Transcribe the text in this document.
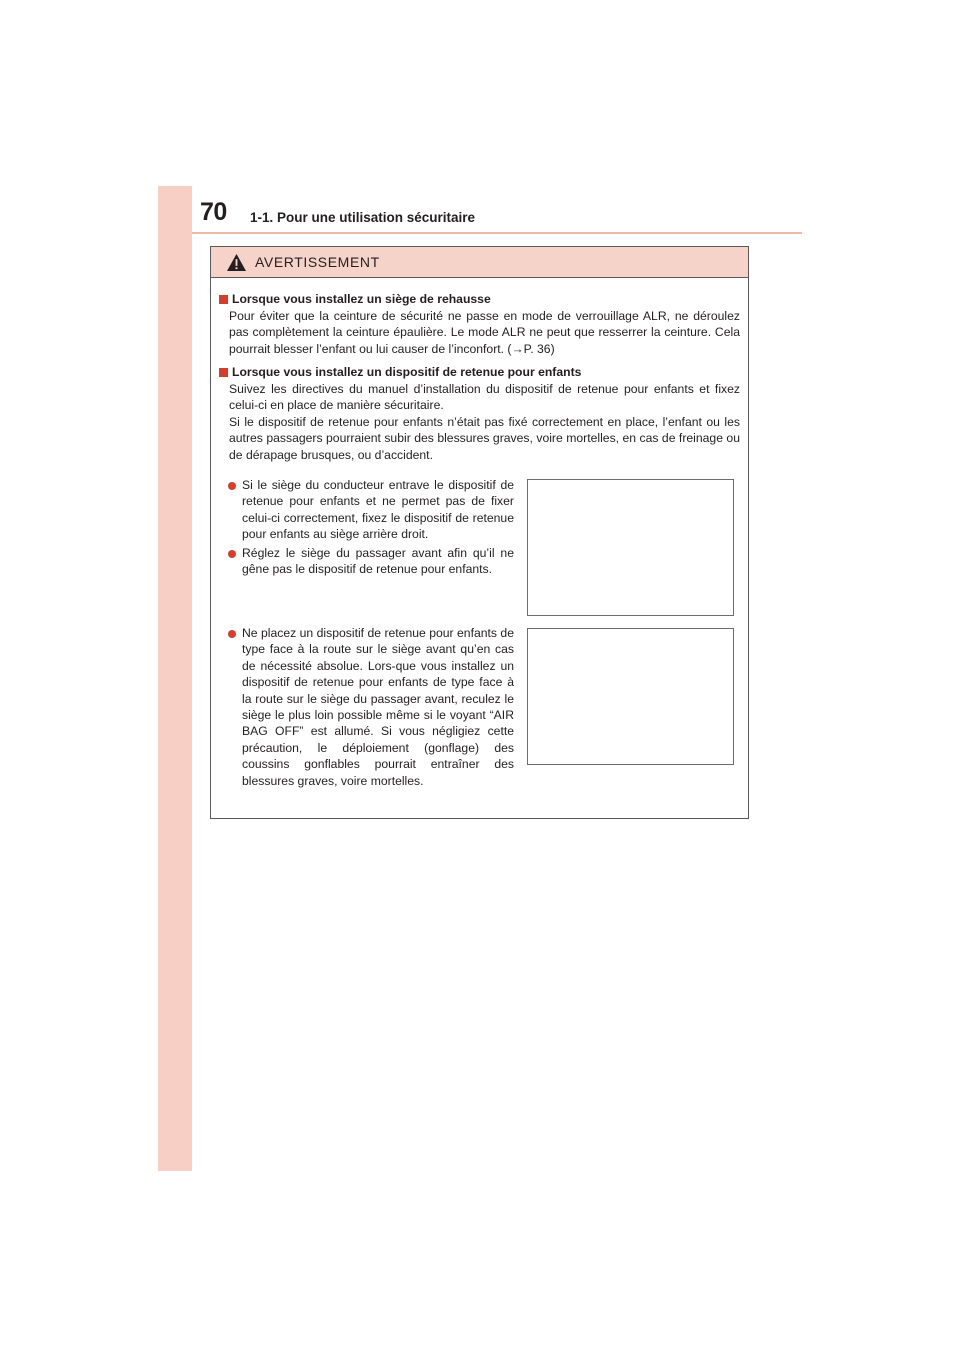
70 1-1. Pour une utilisation sécuritaire
AVERTISSEMENT
Lorsque vous installez un siège de rehausse

Pour éviter que la ceinture de sécurité ne passe en mode de verrouillage ALR, ne déroulez pas complètement la ceinture épaulière. Le mode ALR ne peut que resserrer la ceinture. Cela pourrait blesser l’enfant ou lui causer de l’inconfort. (→P. 36)

Lorsque vous installez un dispositif de retenue pour enfants

Suivez les directives du manuel d’installation du dispositif de retenue pour enfants et fixez celui-ci en place de manière sécuritaire.

Si le dispositif de retenue pour enfants n’était pas fixé correctement en place, l’enfant ou les autres passagers pourraient subir des blessures graves, voire mortelles, en cas de freinage ou de dérapage brusques, ou d’accident.

Si le siège du conducteur entrave le dispositif de retenue pour enfants et ne permet pas de fixer celui-ci correctement, fixez le dispositif de retenue pour enfants au siège arrière droit.
Réglez le siège du passager avant afin qu’il ne gêne pas le dispositif de retenue pour enfants.
Ne placez un dispositif de retenue pour enfants de type face à la route sur le siège avant qu’en cas de nécessité absolue. Lors-que vous installez un dispositif de retenue pour enfants de type face à la route sur le siège du passager avant, reculez le siège le plus loin possible même si le voyant “AIR BAG OFF” est allumé. Si vous négligiez cette précaution, le déploiement (gonflage) des coussins gonflables pourrait entraîner des blessures graves, voire mortelles.
